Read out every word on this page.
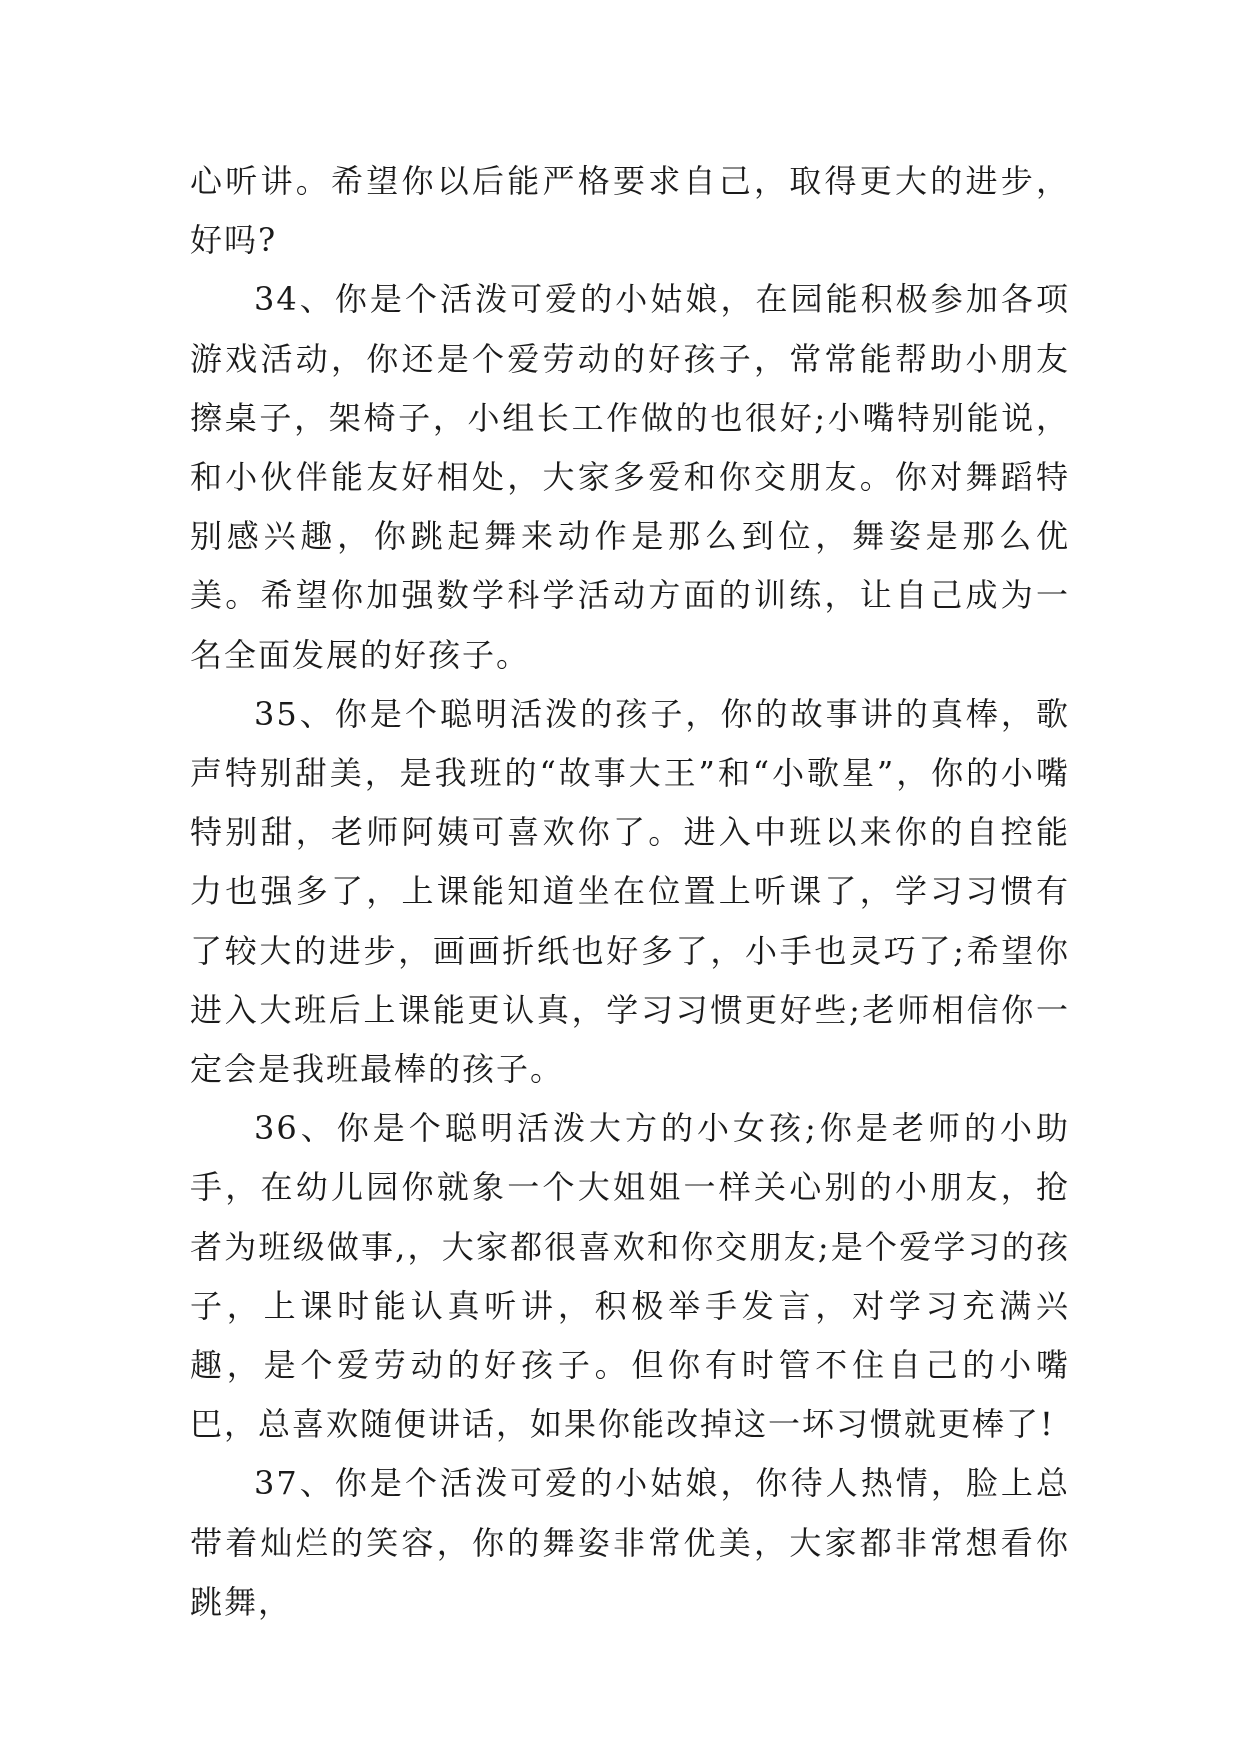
心听讲。希望你以后能严格要求自己，取得更大的进步，好吗?

34、你是个活泼可爱的小姑娘，在园能积极参加各项游戏活动，你还是个爱劳动的好孩子，常常能帮助小朋友擦桌子，架椅子，小组长工作做的也很好;小嘴特别能说，和小伙伴能友好相处，大家多爱和你交朋友。你对舞蹈特别感兴趣，你跳起舞来动作是那么到位，舞姿是那么优美。希望你加强数学科学活动方面的训练，让自己成为一名全面发展的好孩子。

35、你是个聪明活泼的孩子，你的故事讲的真棒，歌声特别甜美，是我班的“故事大王”和“小歌星”，你的小嘴特别甜，老师阿姨可喜欢你了。进入中班以来你的自控能力也强多了，上课能知道坐在位置上听课了，学习习惯有了较大的进步，画画折纸也好多了，小手也灵巧了;希望你进入大班后上课能更认真，学习习惯更好些;老师相信你一定会是我班最棒的孩子。

36、你是个聪明活泼大方的小女孩;你是老师的小助手，在幼儿园你就象一个大姐姐一样关心别的小朋友，抢者为班级做事,，大家都很喜欢和你交朋友;是个爱学习的孩子，上课时能认真听讲，积极举手发言，对学习充满兴趣，是个爱劳动的好孩子。但你有时管不住自己的小嘴巴，总喜欢随便讲话，如果你能改掉这一坏习惯就更棒了!

37、你是个活泼可爱的小姑娘，你待人热情，脸上总带着灿烂的笑容，你的舞姿非常优美，大家都非常想看你跳舞，
